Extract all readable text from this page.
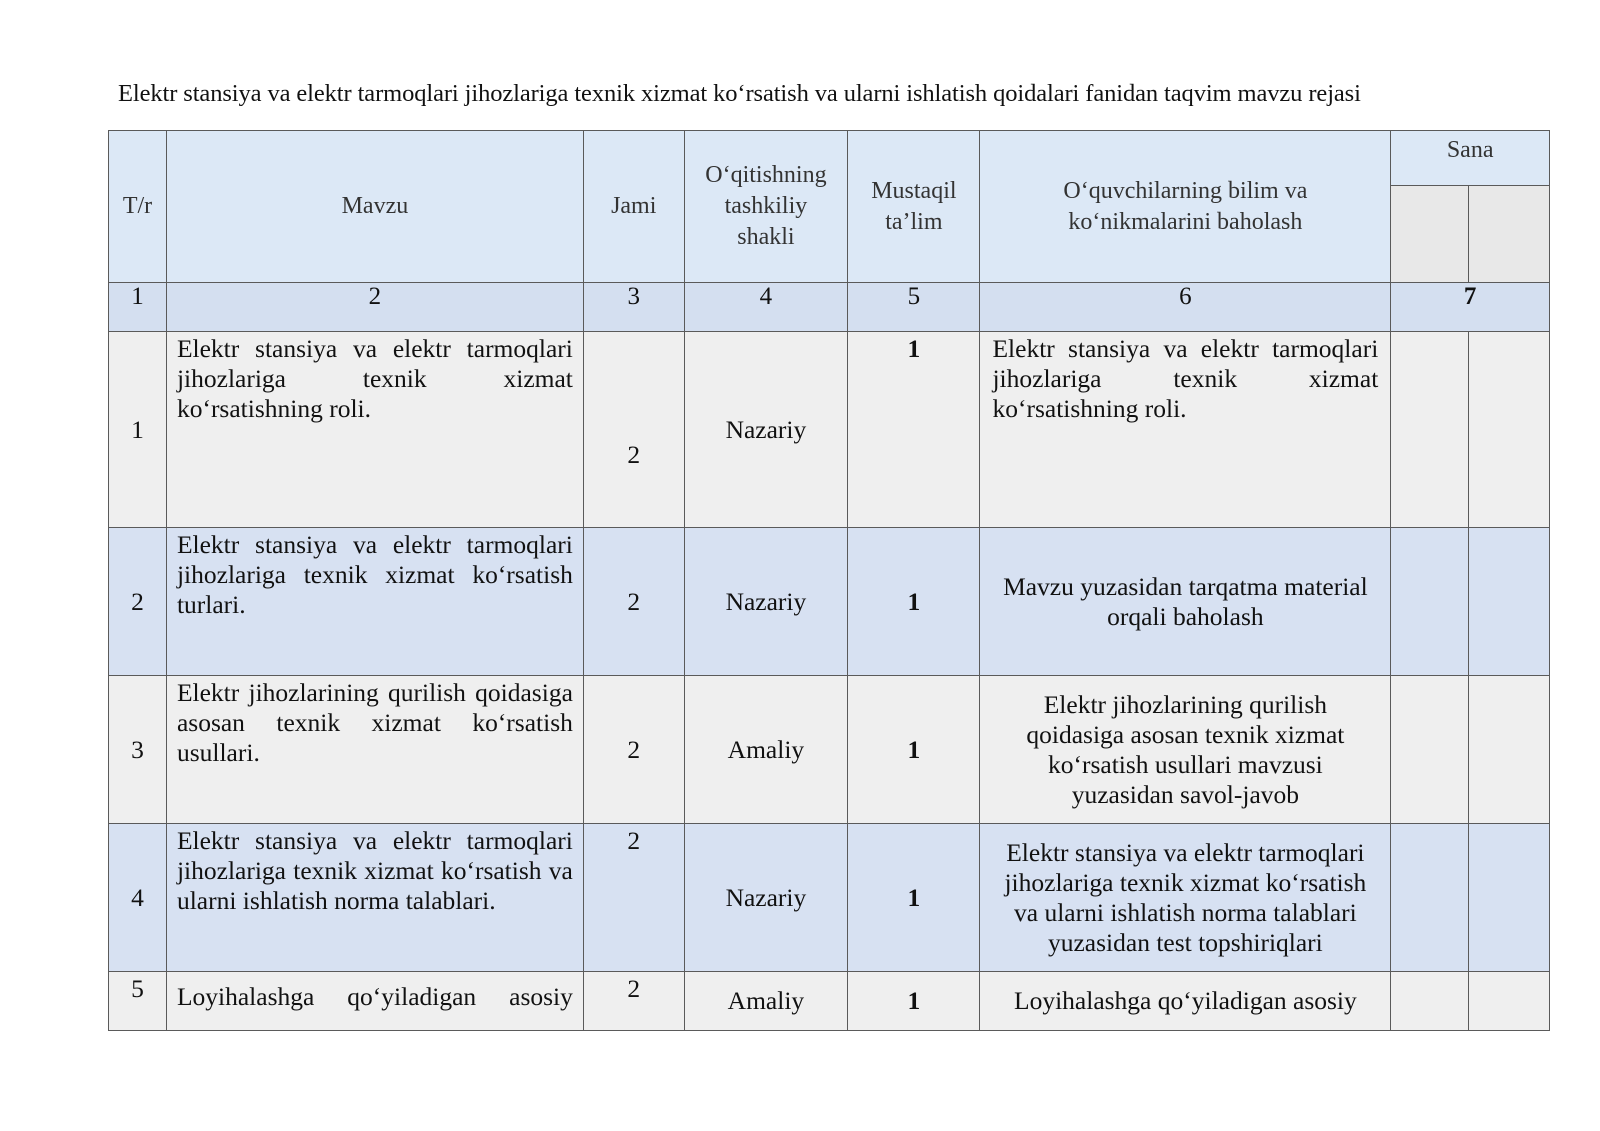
Elektr stansiya va elektr tarmoqlari jihozlariga texnik xizmat ko‘rsatish va ularni ishlatish qoidalari fanidan taqvim mavzu rejasi
T/r	Mavzu	Jami	O‘qitishning tashkiliy shakli	Mustaqil ta’lim	O‘quvchilarning bilim va ko‘nikmalarini baholash	Sana	

1	2	3	4	5	6	7	
1	Elektr stansiya va elektr tarmoqlari jihozlariga texnik xizmat ko‘rsatishning roli.	2	Nazariy	1	Elektr stansiya va elektr tarmoqlari jihozlariga texnik xizmat ko‘rsatishning roli.		
2	Elektr stansiya va elektr tarmoqlari jihozlariga texnik xizmat ko‘rsatish turlari.	2	Nazariy	1	Mavzu yuzasidan tarqatma material orqali baholash		
3	Elektr jihozlarining qurilish qoidasiga asosan texnik xizmat ko‘rsatish usullari.	2	Amaliy	1	Elektr jihozlarining qurilish qoidasiga asosan texnik xizmat ko‘rsatish usullari mavzusi yuzasidan savol-javob		
4	Elektr stansiya va elektr tarmoqlari jihozlariga texnik xizmat ko‘rsatish va ularni ishlatish norma talablari.	2	Nazariy	1	Elektr stansiya va elektr tarmoqlari jihozlariga texnik xizmat ko‘rsatish va ularni ishlatish norma talablari yuzasidan test topshiriqlari		
5	Loyihalashga qo‘yiladigan asosiy	2	Amaliy	1	Loyihalashga qo‘yiladigan asosiy		
